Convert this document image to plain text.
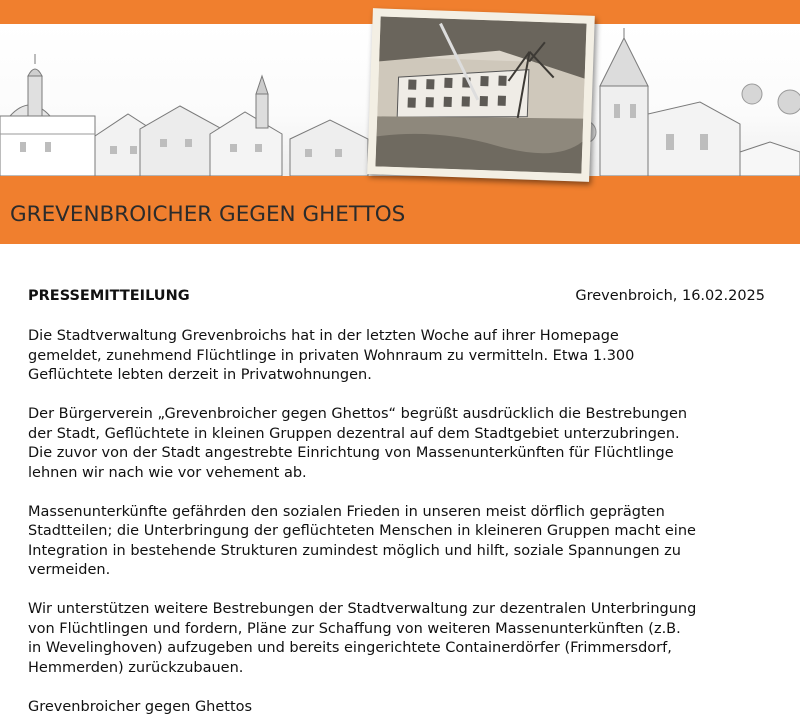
GREVENBROICHER GEGEN GHETTOS
PRESSEMITTEILUNG	Grevenbroich, 16.02.2025

Die Stadtverwaltung Grevenbroichs hat in der letzten Woche auf ihrer Homepage
gemeldet, zunehmend Flüchtlinge in privaten Wohnraum zu vermitteln. Etwa 1.300
Geflüchtete lebten derzeit in Privatwohnungen.

Der Bürgerverein „Grevenbroicher gegen Ghettos“ begrüßt ausdrücklich die Bestrebungen
der Stadt, Geflüchtete in kleinen Gruppen dezentral auf dem Stadtgebiet unterzubringen.
Die zuvor von der Stadt angestrebte Einrichtung von Massenunterkünften für Flüchtlinge
lehnen wir nach wie vor vehement ab.

Massenunterkünfte gefährden den sozialen Frieden in unseren meist dörflich geprägten
Stadtteilen; die Unterbringung der geflüchteten Menschen in kleineren Gruppen macht eine
Integration in bestehende Strukturen zumindest möglich und hilft, soziale Spannungen zu
vermeiden.

Wir unterstützen weitere Bestrebungen der Stadtverwaltung zur dezentralen Unterbringung
von Flüchtlingen und fordern, Pläne zur Schaffung von weiteren Massenunterkünften (z.B.
in Wevelinghoven) aufzugeben und bereits eingerichtete Containerdörfer (Frimmersdorf,
Hemmerden) zurückzubauen.

Grevenbroicher gegen Ghettos
